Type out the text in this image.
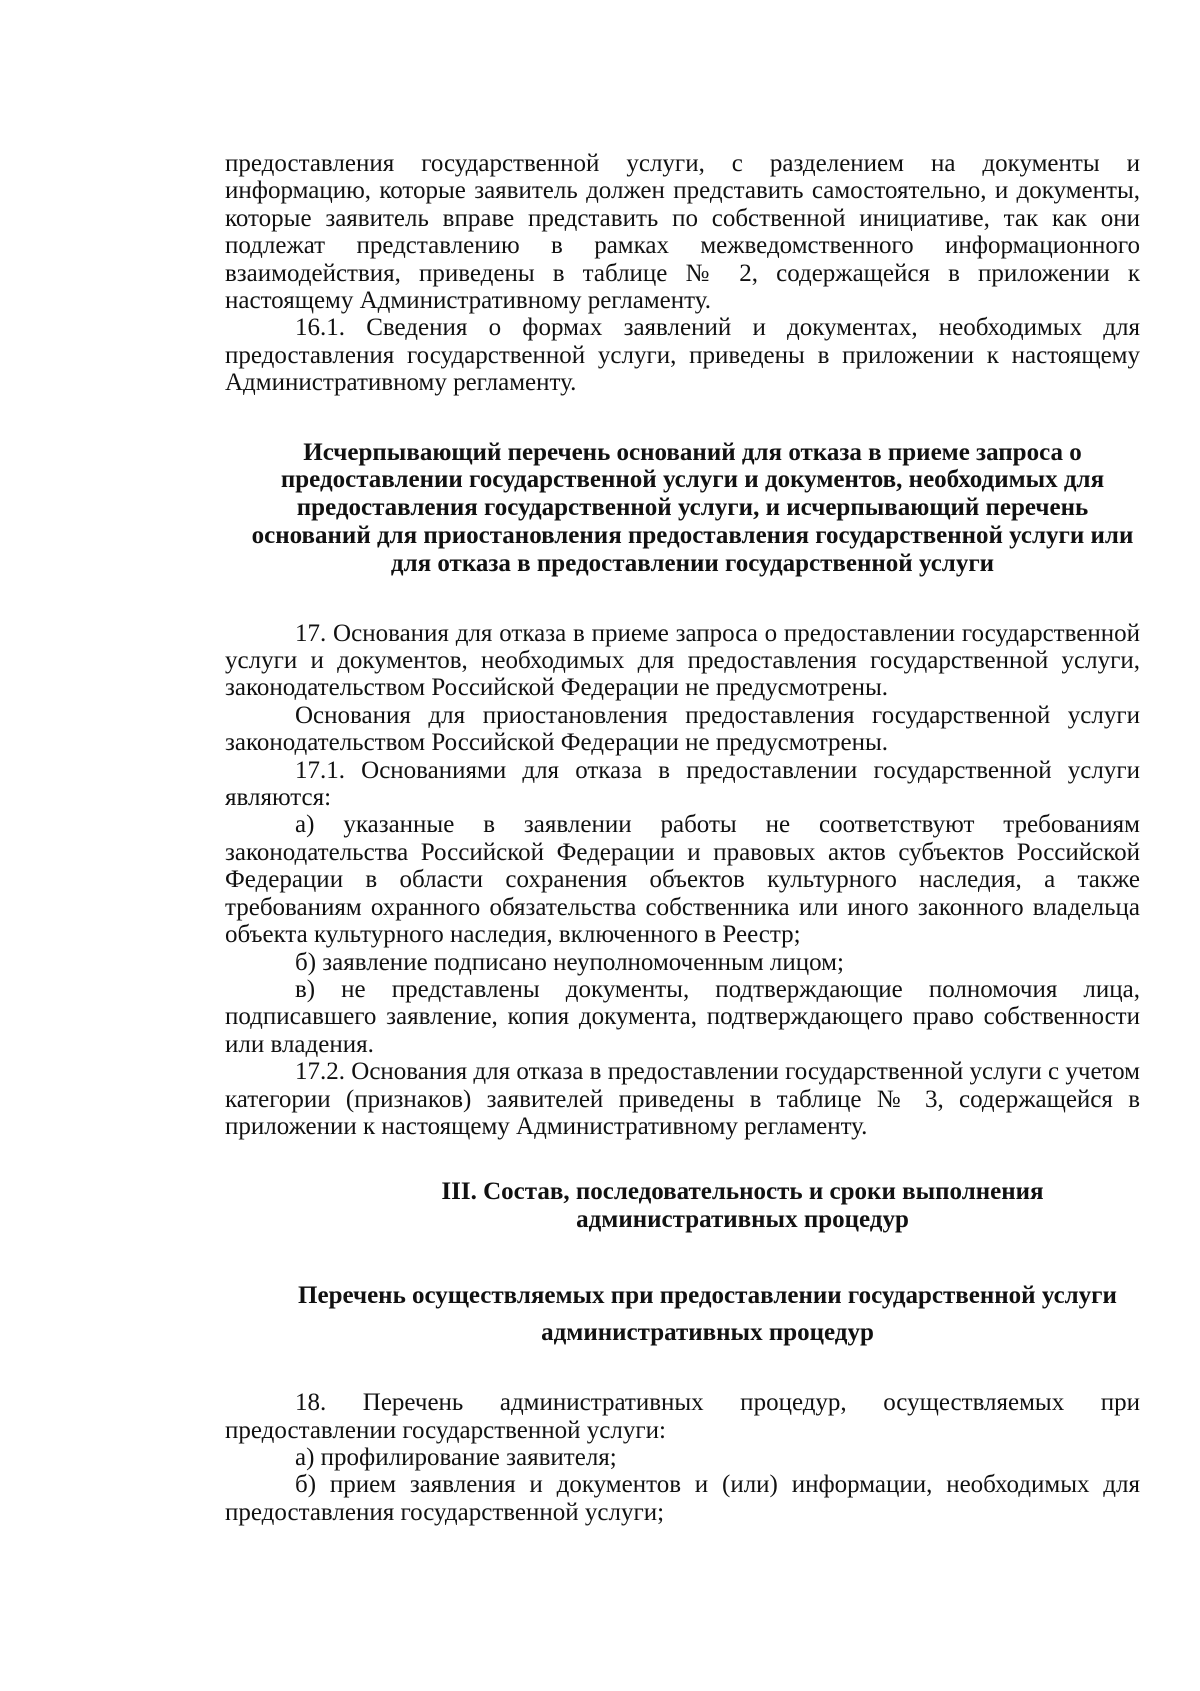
предоставления государственной услуги, с разделением на документы и информацию, которые заявитель должен представить самостоятельно, и документы, которые заявитель вправе представить по собственной инициативе, так как они подлежат представлению в рамках межведомственного информационного взаимодействия, приведены в таблице № 2, содержащейся в приложении к настоящему Административному регламенту.

16.1. Сведения о формах заявлений и документах, необходимых для предоставления государственной услуги, приведены в приложении к настоящему Административному регламенту.

Исчерпывающий перечень оснований для отказа в приеме запроса о предоставлении государственной услуги и документов, необходимых для предоставления государственной услуги, и исчерпывающий перечень оснований для приостановления предоставления государственной услуги или для отказа в предоставлении государственной услуги

17. Основания для отказа в приеме запроса о предоставлении государственной услуги и документов, необходимых для предоставления государственной услуги, законодательством Российской Федерации не предусмотрены.

Основания для приостановления предоставления государственной услуги законодательством Российской Федерации не предусмотрены.

17.1. Основаниями для отказа в предоставлении государственной услуги являются:

а) указанные в заявлении работы не соответствуют требованиям законодательства Российской Федерации и правовых актов субъектов Российской Федерации в области сохранения объектов культурного наследия, а также требованиям охранного обязательства собственника или иного законного владельца объекта культурного наследия, включенного в Реестр;

б) заявление подписано неуполномоченным лицом;

в) не представлены документы, подтверждающие полномочия лица, подписавшего заявление, копия документа, подтверждающего право собственности или владения.

17.2. Основания для отказа в предоставлении государственной услуги с учетом категории (признаков) заявителей приведены в таблице № 3, содержащейся в приложении к настоящему Административному регламенту.

III. Состав, последовательность и сроки выполнения административных процедур

Перечень осуществляемых при предоставлении государственной услуги административных процедур

18. Перечень административных процедур, осуществляемых при предоставлении государственной услуги:

а) профилирование заявителя;

б) прием заявления и документов и (или) информации, необходимых для предоставления государственной услуги;
